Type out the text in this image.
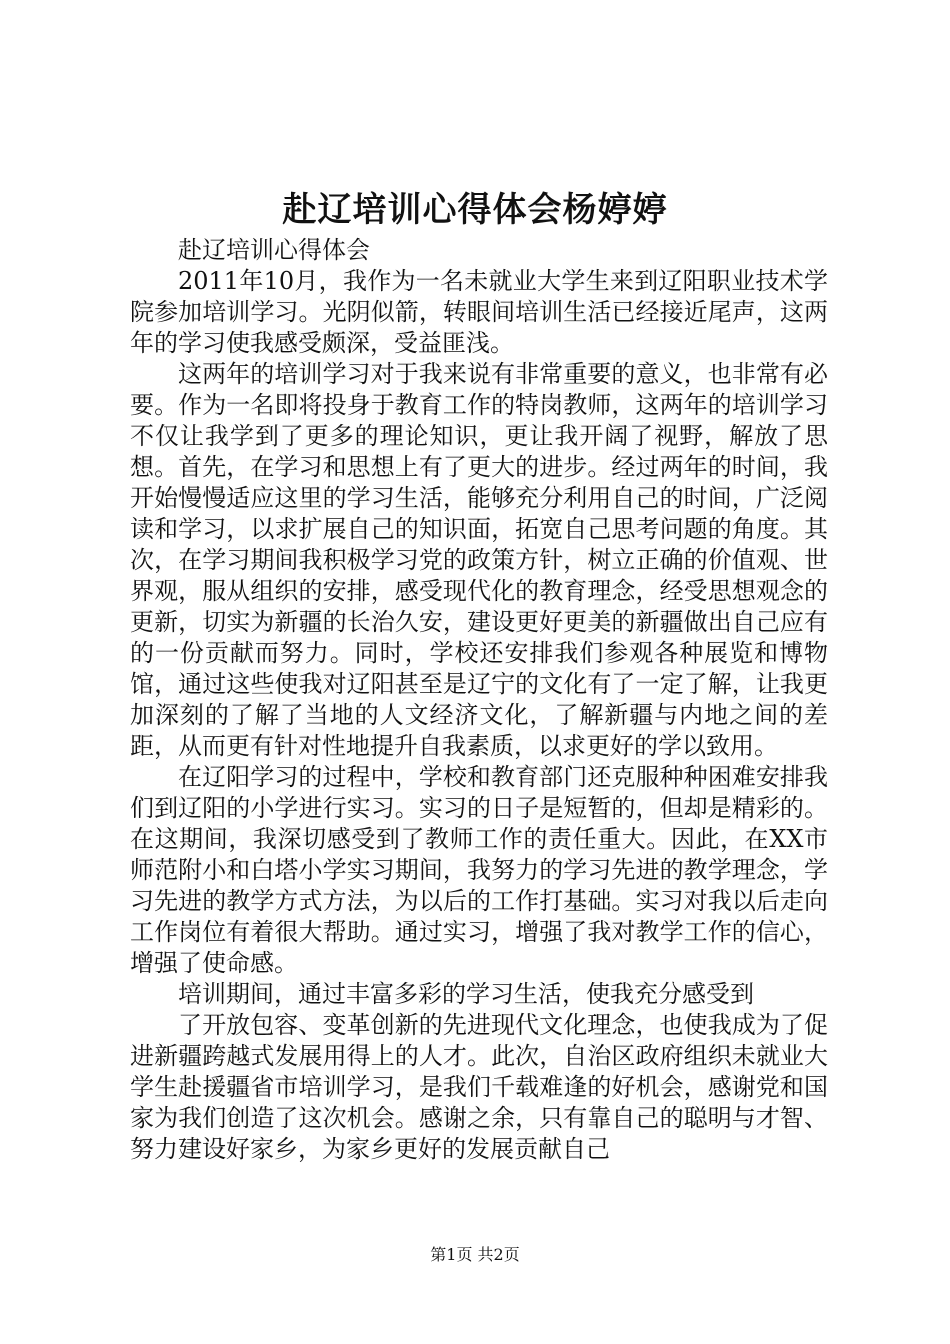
赴辽培训心得体会杨婷婷

赴辽培训心得体会

2011年10月，我作为一名未就业大学生来到辽阳职业技术学院参加培训学习。光阴似箭，转眼间培训生活已经接近尾声，这两年的学习使我感受颇深，受益匪浅。

这两年的培训学习对于我来说有非常重要的意义，也非常有必要。作为一名即将投身于教育工作的特岗教师，这两年的培训学习不仅让我学到了更多的理论知识，更让我开阔了视野，解放了思想。首先，在学习和思想上有了更大的进步。经过两年的时间，我开始慢慢适应这里的学习生活，能够充分利用自己的时间，广泛阅读和学习，以求扩展自己的知识面，拓宽自己思考问题的角度。其次，在学习期间我积极学习党的政策方针，树立正确的价值观、世界观，服从组织的安排，感受现代化的教育理念，经受思想观念的更新，切实为新疆的长治久安，建设更好更美的新疆做出自己应有的一份贡献而努力。同时，学校还安排我们参观各种展览和博物馆，通过这些使我对辽阳甚至是辽宁的文化有了一定了解，让我更加深刻的了解了当地的人文经济文化，了解新疆与内地之间的差距，从而更有针对性地提升自我素质，以求更好的学以致用。

在辽阳学习的过程中，学校和教育部门还克服种种困难安排我们到辽阳的小学进行实习。实习的日子是短暂的，但却是精彩的。在这期间，我深切感受到了教师工作的责任重大。因此，在XX市师范附小和白塔小学实习期间，我努力的学习先进的教学理念，学习先进的教学方式方法，为以后的工作打基础。实习对我以后走向工作岗位有着很大帮助。通过实习，增强了我对教学工作的信心，增强了使命感。

培训期间，通过丰富多彩的学习生活，使我充分感受到

了开放包容、变革创新的先进现代文化理念，也使我成为了促进新疆跨越式发展用得上的人才。此次，自治区政府组织未就业大学生赴援疆省市培训学习，是我们千载难逢的好机会，感谢党和国家为我们创造了这次机会。感谢之余，只有靠自己的聪明与才智、努力建设好家乡，为家乡更好的发展贡献自己

第1页 共2页
